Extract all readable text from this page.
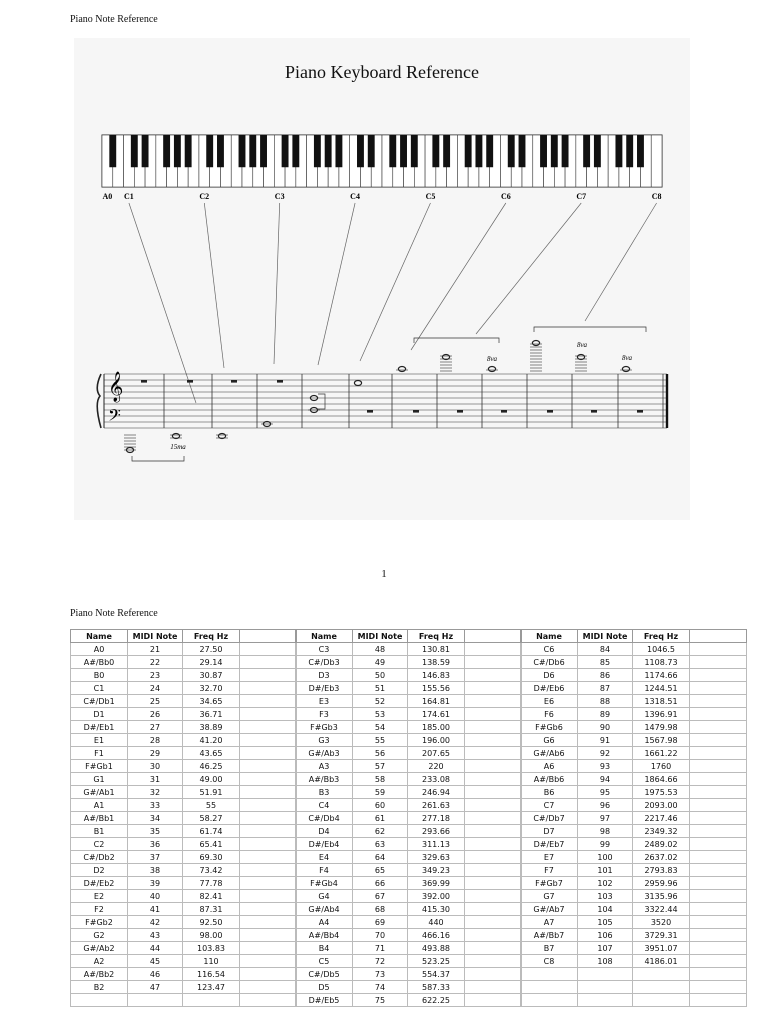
Piano Note Reference
Piano Keyboard Reference
A0 C1	C2	C3	C4	C5	C6	C7	C8
𝄞
𝄢
8va
8va
8va
15ma
1
Piano Note Reference
Name	MIDI Note	Freq Hz	
A0	21	27.50	
A#/Bb0	22	29.14	
B0	23	30.87	
C1	24	32.70	
C#/Db1	25	34.65	
D1	26	36.71	
D#/Eb1	27	38.89	
E1	28	41.20	
F1	29	43.65	
F#Gb1	30	46.25	
G1	31	49.00	
G#/Ab1	32	51.91	
A1	33	55	
A#/Bb1	34	58.27	
B1	35	61.74	
C2	36	65.41	
C#/Db2	37	69.30	
D2	38	73.42	
D#/Eb2	39	77.78	
E2	40	82.41	
F2	41	87.31	
F#Gb2	42	92.50	
G2	43	98.00	
G#/Ab2	44	103.83	
A2	45	110	
A#/Bb2	46	116.54	
B2	47	123.47	

Name	MIDI Note	Freq Hz	
C3	48	130.81	
C#/Db3	49	138.59	
D3	50	146.83	
D#/Eb3	51	155.56	
E3	52	164.81	
F3	53	174.61	
F#Gb3	54	185.00	
G3	55	196.00	
G#/Ab3	56	207.65	
A3	57	220	
A#/Bb3	58	233.08	
B3	59	246.94	
C4	60	261.63	
C#/Db4	61	277.18	
D4	62	293.66	
D#/Eb4	63	311.13	
E4	64	329.63	
F4	65	349.23	
F#Gb4	66	369.99	
G4	67	392.00	
G#/Ab4	68	415.30	
A4	69	440	
A#/Bb4	70	466.16	
B4	71	493.88	
C5	72	523.25	
C#/Db5	73	554.37	
D5	74	587.33	
D#/Eb5	75	622.25	
Name	MIDI Note	Freq Hz	
C6	84	1046.5	
C#/Db6	85	1108.73	
D6	86	1174.66	
D#/Eb6	87	1244.51	
E6	88	1318.51	
F6	89	1396.91	
F#Gb6	90	1479.98	
G6	91	1567.98	
G#/Ab6	92	1661.22	
A6	93	1760	
A#/Bb6	94	1864.66	
B6	95	1975.53	
C7	96	2093.00	
C#/Db7	97	2217.46	
D7	98	2349.32	
D#/Eb7	99	2489.02	
E7	100	2637.02	
F7	101	2793.83	
F#Gb7	102	2959.96	
G7	103	3135.96	
G#/Ab7	104	3322.44	
A7	105	3520	
A#/Bb7	106	3729.31	
B7	107	3951.07	
C8	108	4186.01	
